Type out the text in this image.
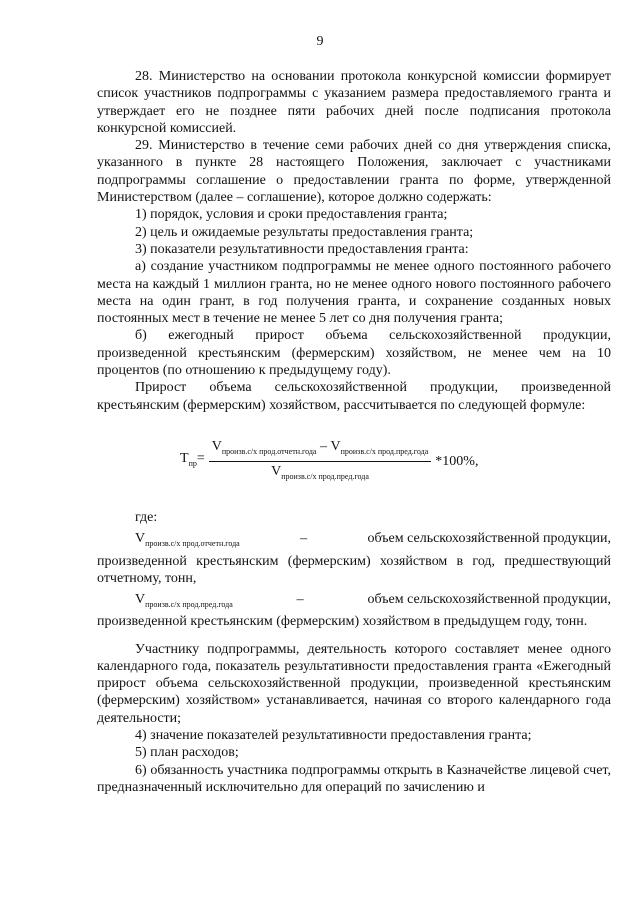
9

28. Министерство на основании протокола конкурсной комиссии формирует список участников подпрограммы с указанием размера предоставляемого гранта и утверждает его не позднее пяти рабочих дней после подписания протокола конкурсной комиссией.

29. Министерство в течение семи рабочих дней со дня утверждения списка, указанного в пункте 28 настоящего Положения, заключает с участниками подпрограммы соглашение о предоставлении гранта по форме, утвержденной Министерством (далее – соглашение), которое должно содержать:

1) порядок, условия и сроки предоставления гранта;

2) цель и ожидаемые результаты предоставления гранта;

3) показатели результативности предоставления гранта:

а) создание участником подпрограммы не менее одного постоянного рабочего места на каждый 1 миллион гранта, но не менее одного нового постоянного рабочего места на один грант, в год получения гранта, и сохранение созданных новых постоянных мест в течение не менее 5 лет со дня получения гранта;

б) ежегодный прирост объема сельскохозяйственной продукции, произведенной крестьянским (фермерским) хозяйством, не менее чем на 10 процентов (по отношению к предыдущему году).

Прирост объема сельскохозяйственной продукции, произведенной крестьянским (фермерским) хозяйством, рассчитывается по следующей формуле:

$T_{пр}= \frac{V_{произв.с/х прод.отчетн.года} - V_{произв.с/х прод.пред.года}}{V_{произв.с/х прод.пред.года}} *100\%$,

где:

$V_{произв.с/х прод.отчетн.года}$	–	объем сельскохозяйственной продукции,
произведенной крестьянским (фермерским) хозяйством в год, предшествующий отчетному, тонн,
$V_{произв.с/х прод.пред.года}$	–	объем сельскохозяйственной продукции,
произведенной крестьянским (фермерским) хозяйством в предыдущем году, тонн.

Участнику подпрограммы, деятельность которого составляет менее одного календарного года, показатель результативности предоставления гранта «Ежегодный прирост объема сельскохозяйственной продукции, произведенной крестьянским (фермерским) хозяйством» устанавливается, начиная со второго календарного года деятельности;

4) значение показателей результативности предоставления гранта;

5) план расходов;

6) обязанность участника подпрограммы открыть в Казначействе лицевой счет, предназначенный исключительно для операций по зачислению и
